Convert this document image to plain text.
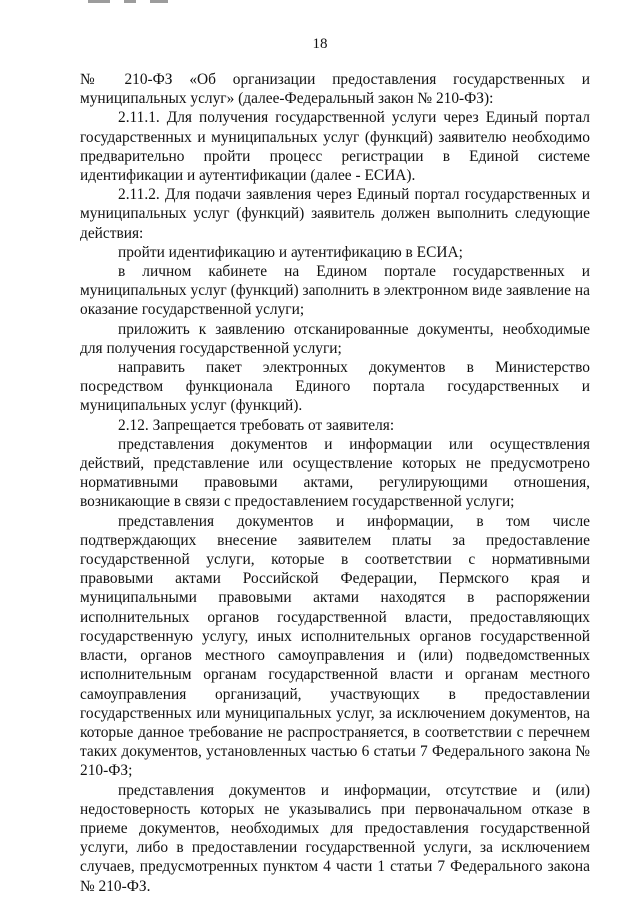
18

№ 210-ФЗ «Об организации предоставления государственных и муниципальных услуг» (далее-Федеральный закон № 210-ФЗ):

2.11.1. Для получения государственной услуги через Единый портал государственных и муниципальных услуг (функций) заявителю необходимо предварительно пройти процесс регистрации в Единой системе идентификации и аутентификации (далее - ЕСИА).

2.11.2. Для подачи заявления через Единый портал государственных и муниципальных услуг (функций) заявитель должен выполнить следующие действия:

пройти идентификацию и аутентификацию в ЕСИА;

в личном кабинете на Едином портале государственных и муниципальных услуг (функций) заполнить в электронном виде заявление на оказание государственной услуги;

приложить к заявлению отсканированные документы, необходимые для получения государственной услуги;

направить пакет электронных документов в Министерство посредством функционала Единого портала государственных и муниципальных услуг (функций).

2.12. Запрещается требовать от заявителя:

представления документов и информации или осуществления действий, представление или осуществление которых не предусмотрено нормативными правовыми актами, регулирующими отношения, возникающие в связи с предоставлением государственной услуги;

представления документов и информации, в том числе подтверждающих внесение заявителем платы за предоставление государственной услуги, которые в соответствии с нормативными правовыми актами Российской Федерации, Пермского края и муниципальными правовыми актами находятся в распоряжении исполнительных органов государственной власти, предоставляющих государственную услугу, иных исполнительных органов государственной власти, органов местного самоуправления и (или) подведомственных исполнительным органам государственной власти и органам местного самоуправления организаций, участвующих в предоставлении государственных или муниципальных услуг, за исключением документов, на которые данное требование не распространяется, в соответствии с перечнем таких документов, установленных частью 6 статьи 7 Федерального закона № 210-ФЗ;

представления документов и информации, отсутствие и (или) недостоверность которых не указывались при первоначальном отказе в приеме документов, необходимых для предоставления государственной услуги, либо в предоставлении государственной услуги, за исключением случаев, предусмотренных пунктом 4 части 1 статьи 7 Федерального закона № 210-ФЗ.
